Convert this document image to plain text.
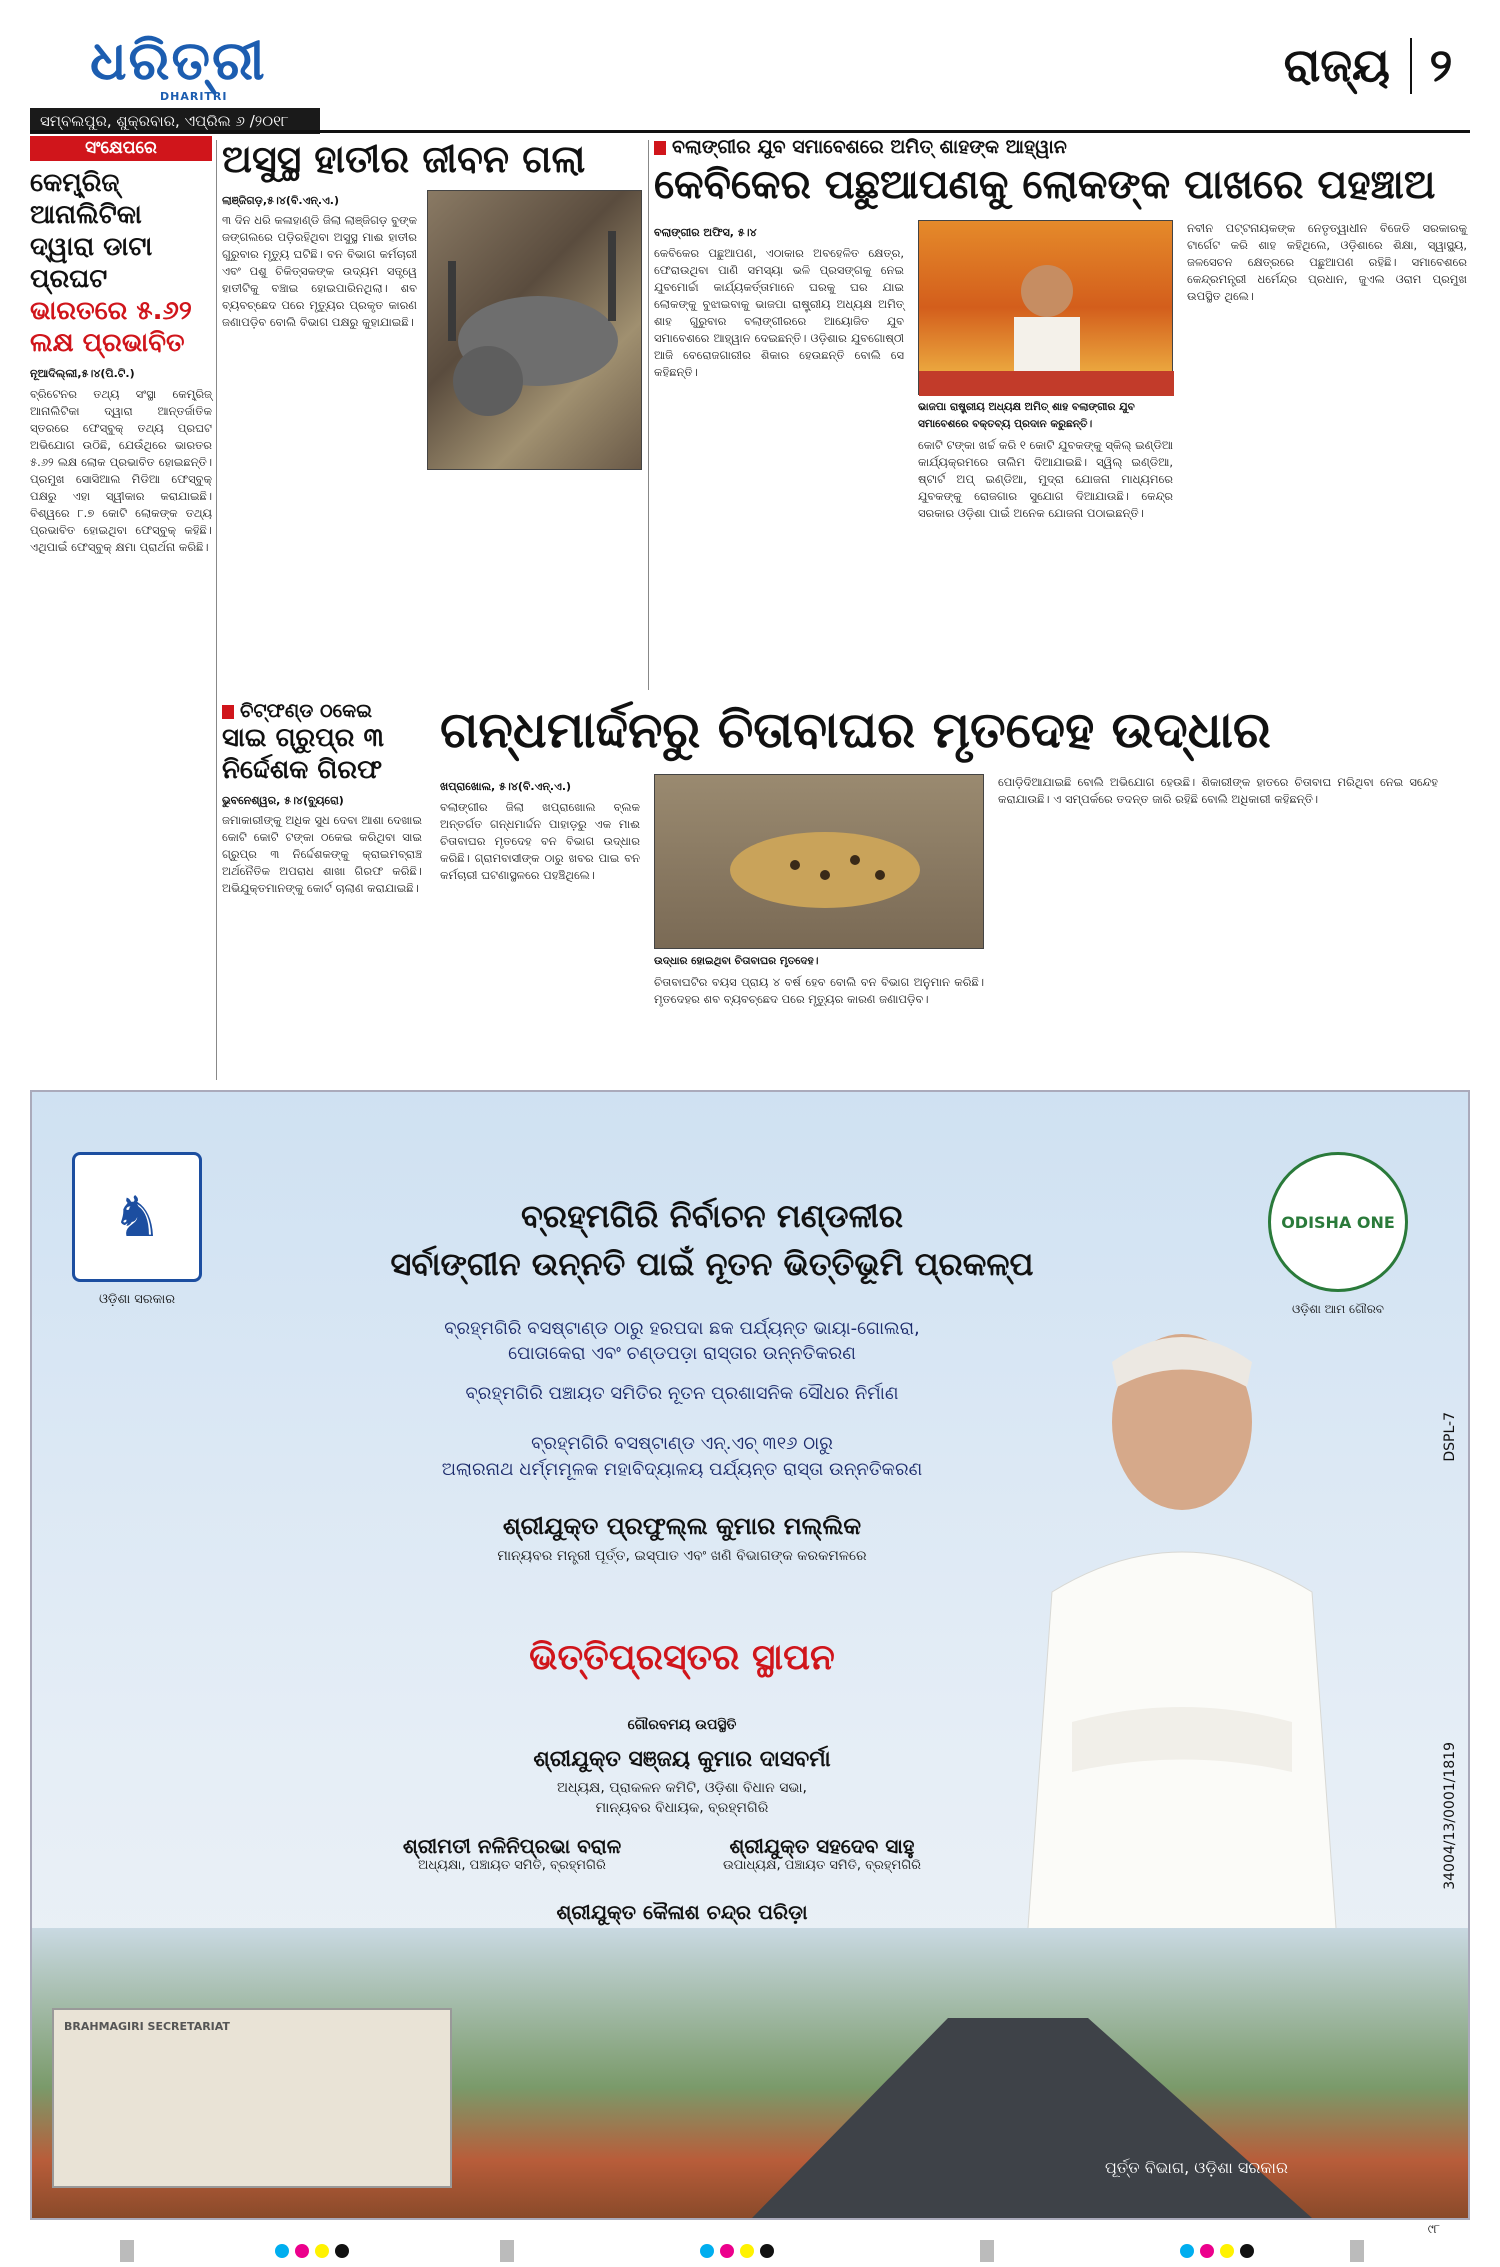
ଧରିତ୍ରୀ
DHARITRI
ସମ୍ବଲପୁର, ଶୁକ୍ରବାର, ଏପ୍ରିଲ ୬ /୨୦୧୮
ରାଜ୍ୟ ୨
ସଂକ୍ଷେପରେ
କେମ୍ବ୍ରିଜ୍ ଆନାଲିଟିକା ଦ୍ୱାରା ଡାଟା ପ୍ରଘଟ ଭାରତରେ ୫.୬୨ ଲକ୍ଷ ପ୍ରଭାବିତ
ନୂଆଦିଲ୍ଲୀ,୫।୪(ପି.ଟି.)

ବ୍ରିଟେନର ତଥ୍ୟ ସଂସ୍ଥା କେମ୍ବ୍ରିଜ୍ ଆନାଲିଟିକା ଦ୍ୱାରା ଆନ୍ତର୍ଜାତିକ ସ୍ତରରେ ଫେସ୍‌ବୁକ୍ ତଥ୍ୟ ପ୍ରଘଟ ଅଭିଯୋଗ ଉଠିଛି, ଯେଉଁଥିରେ ଭାରତର ୫.୬୨ ଲକ୍ଷ ଲୋକ ପ୍ରଭାବିତ ହୋଇଛନ୍ତି। ପ୍ରମୁଖ ସୋସିଆଲ ମିଡିଆ ଫେସ୍‌ବୁକ୍ ପକ୍ଷରୁ ଏହା ସ୍ୱୀକାର କରାଯାଇଛି। ବିଶ୍ୱରେ ୮.୭ କୋଟି ଲୋକଙ୍କ ତଥ୍ୟ ପ୍ରଭାବିତ ହୋଇଥିବା ଫେସ୍‌ବୁକ୍ କହିଛି। ଏଥିପାଇଁ ଫେସ୍‌ବୁକ୍ କ୍ଷମା ପ୍ରାର୍ଥନା କରିଛି।

ଅସୁସ୍ଥ ହାତୀର ଜୀବନ ଗଲା
ଲାଞ୍ଜିଗଡ଼,୫।୪(ବି.ଏନ୍.ଏ.)

୩ ଦିନ ଧରି କଳାହାଣ୍ଡି ଜିଲା ଲାଞ୍ଜିଗଡ଼ ବୁଙ୍କ ଜଙ୍ଗଲରେ ପଡ଼ିରହିଥିବା ଅସୁସ୍ଥ ମାଈ ହାତୀର ଗୁରୁବାର ମୃତ୍ୟୁ ଘଟିଛି। ବନ ବିଭାଗ କର୍ମଚାରୀ ଏବଂ ପଶୁ ଚିକିତ୍ସକଙ୍କ ଉଦ୍ୟମ ସତ୍ତ୍ୱେ ହାତୀଟିକୁ ବଞ୍ଚାଇ ହୋଇପାରିନଥିଲା। ଶବ ବ୍ୟବଚ୍ଛେଦ ପରେ ମୃତ୍ୟୁର ପ୍ରକୃତ କାରଣ ଜଣାପଡ଼ିବ ବୋଲି ବିଭାଗ ପକ୍ଷରୁ କୁହାଯାଇଛି।

ବଲାଙ୍ଗୀର ଯୁବ ସମାବେଶରେ ଅମିତ୍ ଶାହଙ୍କ ଆହ୍ୱାନ
କେବିକେର ପଛୁଆପଣକୁ ଲୋକଙ୍କ ପାଖରେ ପହଞ୍ଚାଅ
ବଲାଙ୍ଗୀର ଅଫିସ, ୫।୪

କେବିକେର ପଛୁଆପଣ, ଏଠାକାର ଅବହେଳିତ କ୍ଷେତ୍ର, ଫେରାଉଥିବା ପାଣି ସମସ୍ୟା ଭଳି ପ୍ରସଙ୍ଗକୁ ନେଇ ଯୁବମୋର୍ଚ୍ଚା କାର୍ଯ୍ୟକର୍ତ୍ତାମାନେ ଘରକୁ ଘର ଯାଇ ଲୋକଙ୍କୁ ବୁଝାଇବାକୁ ଭାଜପା ରାଷ୍ଟ୍ରୀୟ ଅଧ୍ୟକ୍ଷ ଅମିତ୍ ଶାହ ଗୁରୁବାର ବଲାଙ୍ଗୀରରେ ଆୟୋଜିତ ଯୁବ ସମାବେଶରେ ଆହ୍ୱାନ ଦେଇଛନ୍ତି। ଓଡ଼ିଶାର ଯୁବଗୋଷ୍ଠୀ ଆଜି ବେରୋଜଗାରୀର ଶିକାର ହେଉଛନ୍ତି ବୋଲି ସେ କହିଛନ୍ତି।

ଭାଜପା ରାଷ୍ଟ୍ରୀୟ ଅଧ୍ୟକ୍ଷ ଅମିତ୍ ଶାହ ବଲାଙ୍ଗୀର ଯୁବ ସମାବେଶରେ ବକ୍ତବ୍ୟ ପ୍ରଦାନ କରୁଛନ୍ତି।

କୋଟି ଟଙ୍କା ଖର୍ଚ୍ଚ କରି ୧ କୋଟି ଯୁବକଙ୍କୁ ସ୍କିଲ୍ ଇଣ୍ଡିଆ କାର୍ଯ୍ୟକ୍ରମରେ ତାଲିମ ଦିଆଯାଇଛି। ସ୍ୱିଲ୍ ଇଣ୍ଡିଆ, ଷ୍ଟାର୍ଟ ଅପ୍ ଇଣ୍ଡିଆ, ମୁଦ୍ରା ଯୋଜନା ମାଧ୍ୟମରେ ଯୁବକଙ୍କୁ ରୋଜଗାର ସୁଯୋଗ ଦିଆଯାଉଛି। କେନ୍ଦ୍ର ସରକାର ଓଡ଼ିଶା ପାଇଁ ଅନେକ ଯୋଜନା ପଠାଇଛନ୍ତି।

ନବୀନ ପଟ୍ଟନାୟକଙ୍କ ନେତୃତ୍ୱାଧୀନ ବିଜେଡି ସରକାରକୁ ଟାର୍ଗେଟ କରି ଶାହ କହିଥିଲେ, ଓଡ଼ିଶାରେ ଶିକ୍ଷା, ସ୍ୱାସ୍ଥ୍ୟ, ଜଳସେଚନ କ୍ଷେତ୍ରରେ ପଛୁଆପଣ ରହିଛି। ସମାବେଶରେ କେନ୍ଦ୍ରମନ୍ତ୍ରୀ ଧର୍ମେନ୍ଦ୍ର ପ୍ରଧାନ, ଜୁଏଲ ଓରାମ ପ୍ରମୁଖ ଉପସ୍ଥିତ ଥିଲେ।

ଚିଟ୍‌ଫଣ୍ଡ ଠକେଇ
ସାଇ ଗ୍ରୁପ୍‌ର ୩ ନିର୍ଦ୍ଦେଶକ ଗିରଫ
ଭୁବନେଶ୍ୱର, ୫।୪(ବ୍ୟୁରୋ)

ଜମାକାରୀଙ୍କୁ ଅଧିକ ସୁଧ ଦେବା ଆଶା ଦେଖାଇ କୋଟି କୋଟି ଟଙ୍କା ଠକେଇ କରିଥିବା ସାଇ ଗ୍ରୁପ୍‌ର ୩ ନିର୍ଦ୍ଦେଶକଙ୍କୁ କ୍ରାଇମବ୍ରାଞ୍ଚ ଅର୍ଥନୈତିକ ଅପରାଧ ଶାଖା ଗିରଫ କରିଛି। ଅଭିଯୁକ୍ତମାନଙ୍କୁ କୋର୍ଟ ଚାଲାଣ କରାଯାଇଛି।

ଗନ୍ଧମାର୍ଦ୍ଦନରୁ ଚିତାବାଘର ମୃତଦେହ ଉଦ୍ଧାର
ଖପ୍ରାଖୋଲ, ୫।୪(ବି.ଏନ୍.ଏ.)

ବଲାଙ୍ଗୀର ଜିଲା ଖପ୍ରାଖୋଲ ବ୍ଲକ ଅନ୍ତର୍ଗତ ଗନ୍ଧମାର୍ଦ୍ଦନ ପାହାଡ଼ରୁ ଏକ ମାଈ ଚିତାବାଘର ମୃତଦେହ ବନ ବିଭାଗ ଉଦ୍ଧାର କରିଛି। ଗ୍ରାମବାସୀଙ୍କ ଠାରୁ ଖବର ପାଇ ବନ କର୍ମଚାରୀ ଘଟଣାସ୍ଥଳରେ ପହଞ୍ଚିଥିଲେ।

ଉଦ୍ଧାର ହୋଇଥିବା ଚିତାବାଘର ମୃତଦେହ।

ଚିତାବାଘଟିର ବୟସ ପ୍ରାୟ ୪ ବର୍ଷ ହେବ ବୋଲି ବନ ବିଭାଗ ଅନୁମାନ କରିଛି। ମୃତଦେହର ଶବ ବ୍ୟବଚ୍ଛେଦ ପରେ ମୃତ୍ୟୁର କାରଣ ଜଣାପଡ଼ିବ।

ପୋଡ଼ିଦିଆଯାଇଛି ବୋଲି ଅଭିଯୋଗ ହେଉଛି। ଶିକାରୀଙ୍କ ହାତରେ ଚିତାବାଘ ମରିଥିବା ନେଇ ସନ୍ଦେହ କରାଯାଉଛି। ଏ ସମ୍ପର୍କରେ ତଦନ୍ତ ଜାରି ରହିଛି ବୋଲି ଅଧିକାରୀ କହିଛନ୍ତି।

♞
ଓଡ଼ିଶା ସରକାର
ODISHA ONE
ଓଡ଼ିଶା ଆମ ଗୌରବ
ବ୍ରହ୍ମଗିରି ନିର୍ବାଚନ ମଣ୍ଡଳୀର
ସର୍ବାଙ୍ଗୀନ ଉନ୍ନତି ପାଇଁ ନୂତନ ଭିତ୍ତିଭୂମି ପ୍ରକଳ୍ପ
ବ୍ରହ୍ମଗିରି ବସଷ୍ଟାଣ୍ଡ ଠାରୁ ହରପଦା ଛକ ପର୍ଯ୍ୟନ୍ତ ଭାୟା-ଗୋଲରା,
ପୋତାକେରା ଏବଂ ଚଣ୍ଡପଡ଼ା ରାସ୍ତାର ଉନ୍ନତିକରଣ
ବ୍ରହ୍ମଗିରି ପଞ୍ଚାୟତ ସମିତିର ନୂତନ ପ୍ରଶାସନିକ ସୌଧର ନିର୍ମାଣ
ବ୍ରହ୍ମଗିରି ବସଷ୍ଟାଣ୍ଡ ଏନ୍.ଏଚ୍ ୩୧୬ ଠାରୁ
ଅଲାରନାଥ ଧର୍ମ୍ମମୂଳକ ମହାବିଦ୍ୟାଳୟ ପର୍ଯ୍ୟନ୍ତ ରାସ୍ତା ଉନ୍ନତିକରଣ
ଶ୍ରୀଯୁକ୍ତ ପ୍ରଫୁଲ୍ଲ କୁମାର ମଲ୍ଲିକ
ମାନ୍ୟବର ମନ୍ତ୍ରୀ ପୂର୍ତ୍ତ, ଇସ୍ପାତ ଏବଂ ଖଣି ବିଭାଗଙ୍କ କରକମଳରେ
ଭିତ୍ତିପ୍ରସ୍ତର ସ୍ଥାପନ
ଗୌରବମୟ ଉପସ୍ଥିତି
ଶ୍ରୀଯୁକ୍ତ ସଞ୍ଜୟ କୁମାର ଦାସବର୍ମା
ଅଧ୍ୟକ୍ଷ, ପ୍ରାକଳନ କମିଟି, ଓଡ଼ିଶା ବିଧାନ ସଭା,
ମାନ୍ୟବର ବିଧାୟକ, ବ୍ରହ୍ମଗିରି
ଶ୍ରୀମତୀ ନଳିନିପ୍ରଭା ବରାଳ
ଅଧ୍ୟକ୍ଷା, ପଞ୍ଚାୟତ ସମିତି, ବ୍ରହ୍ମଗିରି
ଶ୍ରୀଯୁକ୍ତ ସହଦେବ ସାହୁ
ଉପାଧ୍ୟକ୍ଷ, ପଞ୍ଚାୟତ ସମିତି, ବ୍ରହ୍ମଗିରି
ଶ୍ରୀଯୁକ୍ତ କୈଳାଶ ଚନ୍ଦ୍ର ପରିଡ଼ା
BRAHMAGIRI SECRETARIAT
ପୂର୍ତ୍ତ ବିଭାଗ, ଓଡ଼ିଶା ସରକାର
DSPL-7
34004/13/0001/1819
୯୮
